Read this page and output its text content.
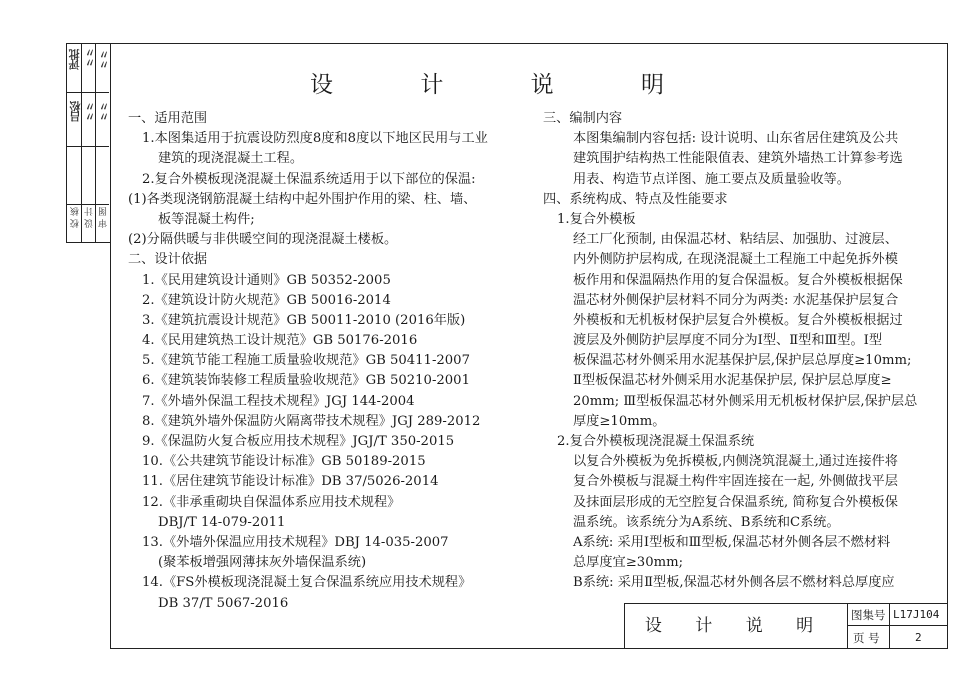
评批 〃〃 〃〃
吕松 〃〃 〃〃
校 核 设 计 审 图
设 计 说 明
一、适用范围
1.本图集适用于抗震设防烈度8度和8度以下地区民用与工业
建筑的现浇混凝土工程。
2.复合外模板现浇混凝土保温系统适用于以下部位的保温:
(1)各类现浇钢筋混凝土结构中起外围护作用的梁、柱、墙、
板等混凝土构件;
(2)分隔供暖与非供暖空间的现浇混凝土楼板。
二、设计依据
1.《民用建筑设计通则》GB 50352-2005
2.《建筑设计防火规范》GB 50016-2014
3.《建筑抗震设计规范》GB 50011-2010 (2016年版)
4.《民用建筑热工设计规范》GB 50176-2016
5.《建筑节能工程施工质量验收规范》GB 50411-2007
6.《建筑装饰装修工程质量验收规范》GB 50210-2001
7.《外墙外保温工程技术规程》JGJ 144-2004
8.《建筑外墙外保温防火隔离带技术规程》JGJ 289-2012
9.《保温防火复合板应用技术规程》JGJ/T 350-2015
10.《公共建筑节能设计标准》GB 50189-2015
11.《居住建筑节能设计标准》DB 37/5026-2014
12.《非承重砌块自保温体系应用技术规程》
DBJ/T 14-079-2011
13.《外墙外保温应用技术规程》DBJ 14-035-2007
(聚苯板增强网薄抹灰外墙保温系统)
14.《FS外模板现浇混凝土复合保温系统应用技术规程》
DB 37/T 5067-2016
三、编制内容
本图集编制内容包括: 设计说明、山东省居住建筑及公共
建筑围护结构热工性能限值表、建筑外墙热工计算参考选
用表、构造节点详图、施工要点及质量验收等。
四、系统构成、特点及性能要求
1.复合外模板
经工厂化预制, 由保温芯材、粘结层、加强肋、过渡层、
内外侧防护层构成, 在现浇混凝土工程施工中起免拆外模
板作用和保温隔热作用的复合保温板。复合外模板根据保
温芯材外侧保护层材料不同分为两类: 水泥基保护层复合
外模板和无机板材保护层复合外模板。复合外模板根据过
渡层及外侧防护层厚度不同分为Ⅰ型、Ⅱ型和Ⅲ型。Ⅰ型
板保温芯材外侧采用水泥基保护层,保护层总厚度≥10mm;
Ⅱ型板保温芯材外侧采用水泥基保护层, 保护层总厚度≥
20mm; Ⅲ型板保温芯材外侧采用无机板材保护层,保护层总
厚度≥10mm。
2.复合外模板现浇混凝土保温系统
以复合外模板为免拆模板,内侧浇筑混凝土,通过连接件将
复合外模板与混凝土构件牢固连接在一起, 外侧做找平层
及抹面层形成的无空腔复合保温系统, 简称复合外模板保
温系统。该系统分为A系统、B系统和C系统。
A系统: 采用Ⅰ型板和Ⅲ型板,保温芯材外侧各层不燃材料
总厚度宜≥30mm;
B系统: 采用Ⅱ型板,保温芯材外侧各层不燃材料总厚度应
设 计 说 明
图集号 L17J104
页 号	2
